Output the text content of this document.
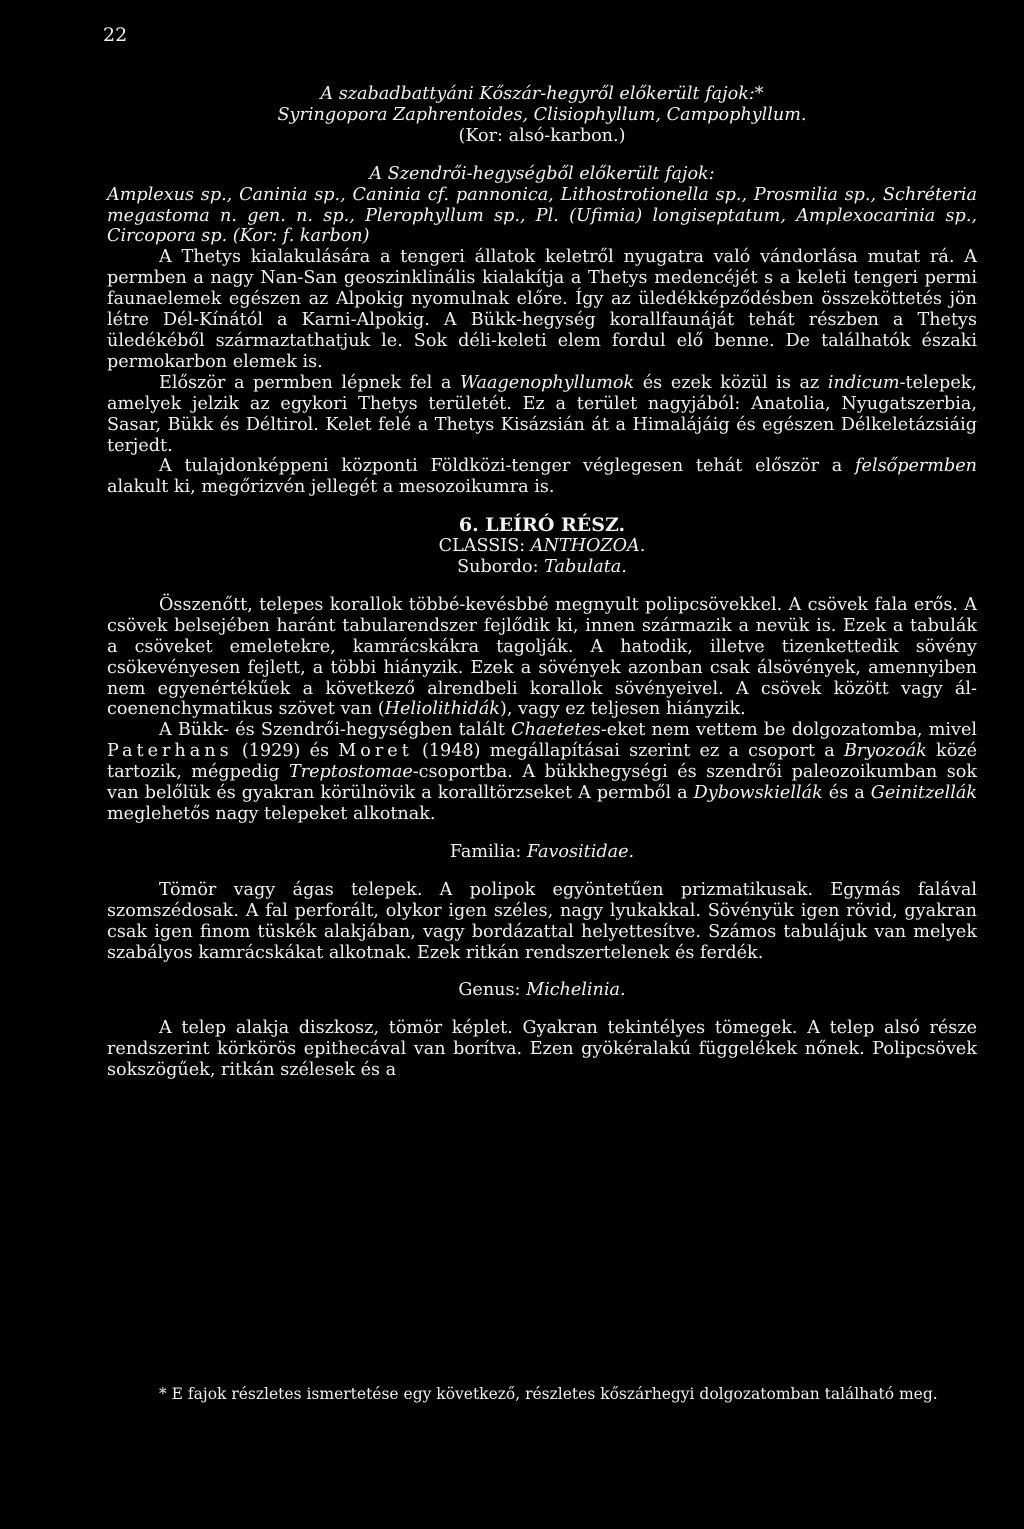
22
A szabadbattyáni Kőszár-hegyről előkerült fajok:*
Syringopora Zaphrentoides, Clisiophyllum, Campophyllum.
(Kor: alsó-karbon.)
A Szendrői-hegységből előkerült fajok:
Amplexus sp., Caninia sp., Caninia cf. pannonica, Lithostrotionella sp., Prosmilia sp., Schréteria megastoma n. gen. n. sp., Plerophyllum sp., Pl. (Ufimia) longiseptatum, Amplexocarinia sp., Circopora sp. (Kor: f. karbon)

A Thetys kialakulására a tengeri állatok keletről nyugatra való vándorlása mutat rá. A permben a nagy Nan-San geoszinklinális kialakítja a Thetys medencéjét s a keleti tengeri permi faunaelemek egészen az Alpokig nyomulnak előre. Így az üledékképződésben összeköttetés jön létre Dél-Kínától a Karni-Alpokig. A Bükk-hegység korallfaunáját tehát részben a Thetys üledékéből származtathatjuk le. Sok déli-keleti elem fordul elő benne. De találhatók északi permokarbon elemek is.

Először a permben lépnek fel a Waagenophyllumok és ezek közül is az indicum-telepek, amelyek jelzik az egykori Thetys területét. Ez a terület nagyjából: Anatolia, Nyugatszerbia, Sasar, Bükk és Déltirol. Kelet felé a Thetys Kisázsián át a Himalájáig és egészen Délkeletázsiáig terjedt.

A tulajdonképpeni központi Földközi-tenger véglegesen tehát először a felsőpermben alakult ki, megőrizvén jellegét a mesozoikumra is.

6. LEÍRÓ RÉSZ.
CLASSIS: ANTHOZOA.
Subordo: Tabulata.

Összenőtt, telepes korallok többé-kevésbbé megnyult polipcsövekkel. A csövek fala erős. A csövek belsejében haránt tabularendszer fejlődik ki, innen származik a nevük is. Ezek a tabulák a csöveket emeletekre, kamrácskákra tagolják. A hatodik, illetve tizenkettedik sövény csökevényesen fejlett, a többi hiányzik. Ezek a sövények azonban csak álsövények, amennyiben nem egyenértékűek a következő alrendbeli korallok sövényeivel. A csövek között vagy ál-coenenchymatikus szövet van (Heliolithidák), vagy ez teljesen hiányzik.

A Bükk- és Szendrői-hegységben talált Chaetetes-eket nem vettem be dolgozatomba, mivel Paterhans (1929) és Moret (1948) megállapításai szerint ez a csoport a Bryozoák közé tartozik, mégpedig Treptostomae-csoportba. A bükkhegységi és szendrői paleozoikumban sok van belőlük és gyakran körülnövik a koralltörzseket A permből a Dybowskiellák és a Geinitzellák meglehetős nagy telepeket alkotnak.

Familia: Favositidae.

Tömör vagy ágas telepek. A polipok egyöntetűen prizmatikusak. Egymás falával szomszédosak. A fal perforált, olykor igen széles, nagy lyukakkal. Sövényük igen rövid, gyakran csak igen finom tüskék alakjában, vagy bordázattal helyettesítve. Számos tabulájuk van melyek szabályos kamrácskákat alkotnak. Ezek ritkán rendszertelenek és ferdék.

Genus: Michelinia.

A telep alakja diszkosz, tömör képlet. Gyakran tekintélyes tömegek. A telep alsó része rendszerint körkörös epithecával van borítva. Ezen gyökéralakú függelékek nőnek. Polipcsövek sokszögűek, ritkán szélesek és a

* E fajok részletes ismertetése egy következő, részletes kőszárhegyi dolgozatomban található meg.
